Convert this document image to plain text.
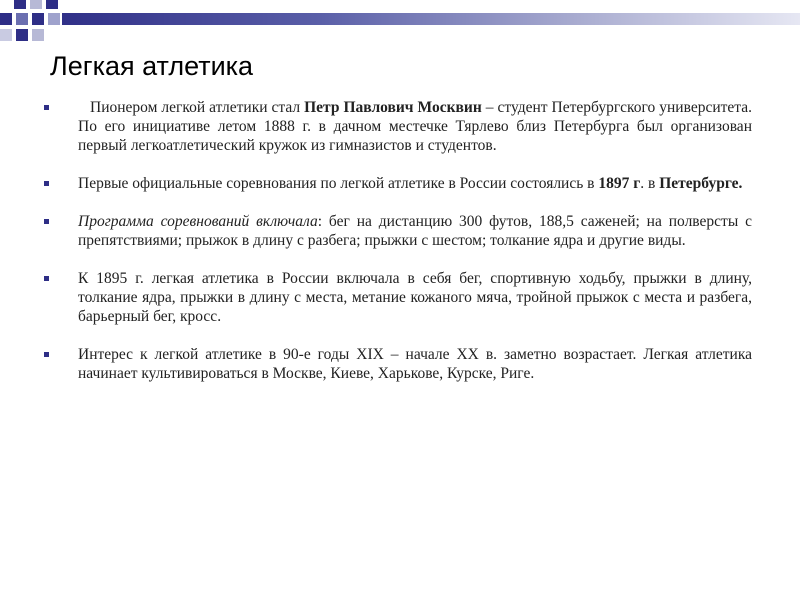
Легкая атлетика
Пионером легкой атлетики стал Петр Павлович Москвин – студент Петербургского университета. По его инициативе летом 1888 г. в дачном местечке Тярлево близ Петербурга был организован первый легкоатлетический кружок из гимназистов и студентов.
Первые официальные соревнования по легкой атлетике в России состоялись в 1897 г. в Петербурге.
Программа соревнований включала: бег на дистанцию 300 футов, 188,5 саженей; на полверсты с препятствиями; прыжок в длину с разбега; прыжки с шестом; толкание ядра и другие виды.
К 1895 г. легкая атлетика в России включала в себя бег, спортивную ходьбу, прыжки в длину, толкание ядра, прыжки в длину с места, метание кожаного мяча, тройной прыжок с места и разбега, барьерный бег, кросс.
Интерес к легкой атлетике в 90-е годы XIX – начале XX в. заметно возрастает. Легкая атлетика начинает культивироваться в Москве, Киеве, Харькове, Курске, Риге.
